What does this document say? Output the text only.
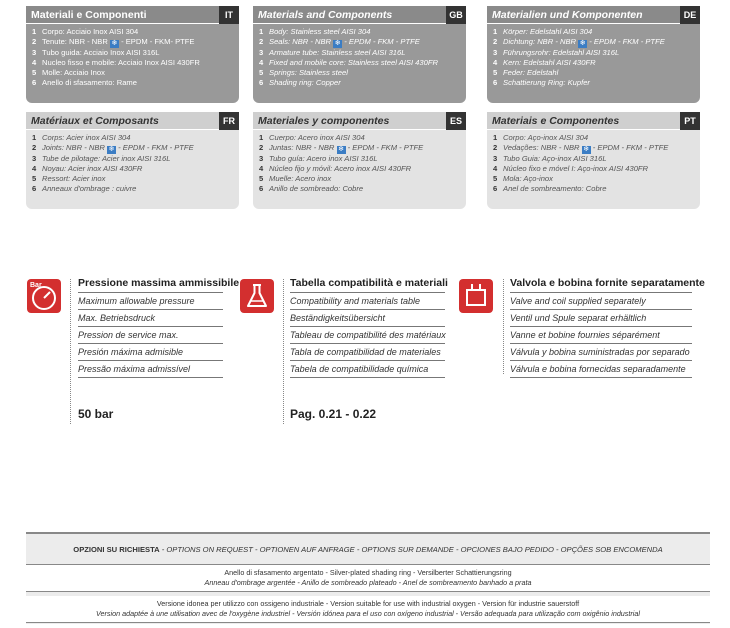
Materiali e Componenti	IT
1 Corpo: Acciaio Inox AISI 304
2 Tenute: NBR - NBR ❄ - EPDM - FKM- PTFE
3 Tubo guida: Acciaio Inox AISI 316L
4 Nucleo fisso e mobile: Acciaio Inox AISI 430FR
5 Molle: Acciaio Inox
6 Anello di sfasamento: Rame
Materials and Components	GB
1 Body: Stainless steel AISI 304
2 Seals: NBR - NBR ❄ - EPDM - FKM - PTFE
3 Armature tube: Stainless steel AISI 316L
4 Fixed and mobile core: Stainless steel AISI 430FR
5 Springs: Stainless steel
6 Shading ring: Copper
Materialien und Komponenten	DE
1 Körper: Edelstahl AISI 304
2 Dichtung: NBR - NBR ❄ - EPDM - FKM - PTFE
3 Führungsrohr: Edelstahl AISI 316L
4 Kern: Edelstahl AISI 430FR
5 Feder: Edelstahl
6 Schattierung Ring: Kupfer
Matériaux et Composants	FR
1 Corps: Acier inox AISI 304
2 Joints: NBR - NBR ❄ - EPDM - FKM - PTFE
3 Tube de pilotage: Acier inox AISI 316L
4 Noyau: Acier inox AISI 430FR
5 Ressort: Acier inox
6 Anneaux d'ombrage : cuivre
Materiales y componentes	ES
1 Cuerpo: Acero inox AISI 304
2 Juntas: NBR - NBR ❄ - EPDM - FKM - PTFE
3 Tubo guía: Acero inox AISI 316L
4 Núcleo fijo y móvil: Acero inox AISI 430FR
5 Muelle: Acero inox
6 Anillo de sombreado: Cobre
Materiais e Componentes	PT
1 Corpo: Aço-inox AISI 304
2 Vedações: NBR - NBR ❄ - EPDM - FKM - PTFE
3 Tubo Guia: Aço-inox AISI 316L
4 Núcleo fixo e móvel I: Aço-inox AISI 430FR
5 Mola: Aço-inox
6 Anel de sombreamento: Cobre
Bar	Pressione massima ammissibile
Maximum allowable pressure
Max. Betriebsdruck
Pression de service max.
Presión máxima admisible
Pressão máxima admissível
50 bar
Tabella compatibilità e materiali
Compatibility and materials table
Beständigkeitsübersicht
Tableau de compatibilité des matériaux
Tabla de compatibilidad de materiales
Tabela de compatibilidade química
Pag. 0.21 - 0.22
Valvola e bobina fornite separatamente
Valve and coil supplied separately
Ventil und Spule separat erhältlich
Vanne et bobine fournies séparément
Válvula y bobina suministradas por separado
Válvula e bobina fornecidas separadamente
OPZIONI SU RICHIESTA - OPTIONS ON REQUEST - OPTIONEN AUF ANFRAGE - OPTIONS SUR DEMANDE - OPCIONES BAJO PEDIDO - OPÇÕES SOB ENCOMENDA
Anello di sfasamento argentato - Silver-plated shading ring - Versilberter Schattierungsring
Anneau d'ombrage argentée - Anillo de sombreado plateado - Anel de sombreamento banhado a prata
Versione idonea per utilizzo con ossigeno industriale - Version suitable for use with industrial oxygen - Version für industrie sauerstoff
Version adaptée à une utilisation avec de l'oxygène industriel - Versión idónea para el uso con oxígeno industrial - Versão adequada para utilização com oxigênio industrial
